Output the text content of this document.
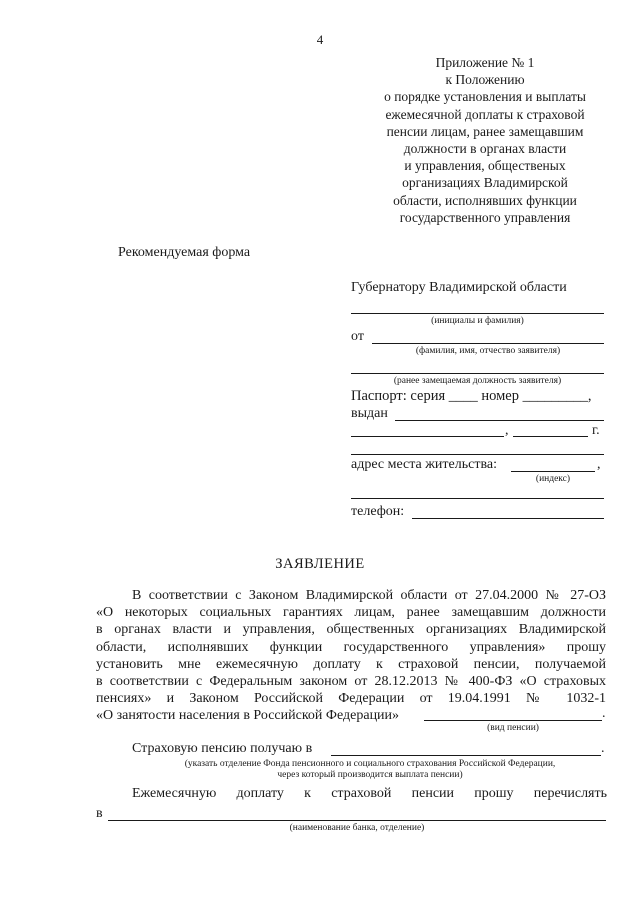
4
Приложение № 1
к Положению
о порядке установления и выплаты
ежемесячной доплаты к страховой
пенсии лицам, ранее замещавшим
должности в органах власти
и управления, общественых
организациях Владимирской
области, исполнявших функции
государственного управления
Рекомендуемая форма
Губернатору Владимирской области
(инициалы и фамилия)
от
(фамилия, имя, отчество заявителя)
(ранее замещаемая должность заявителя)
Паспорт: серия ____ номер _________,
выдан
,	г.
адрес места жительства:	,
(индекс)
телефон:
ЗАЯВЛЕНИЕ
В соответствии с Законом Владимирской области от 27.04.2000 № 27-ОЗ
«О некоторых социальных гарантиях лицам, ранее замещавшим должности
в органах власти и управления, общественных организациях Владимирской
области, исполнявших функции государственного управления» прошу
установить мне ежемесячную доплату к страховой пенсии, получаемой
в соответствии с Федеральным законом от 28.12.2013 № 400-ФЗ «О страховых
пенсиях» и Законом Российской Федерации от 19.04.1991 № 1032-1
«О занятости населения в Российской Федерации»	.
(вид пенсии)
Страховую пенсию получаю в	.
(указать отделение Фонда пенсионного и социального страхования Российской Федерации,
через который производится выплата пенсии)
Ежемесячную доплату к страховой пенсии прошу перечислять
в
(наименование банка, отделение)
